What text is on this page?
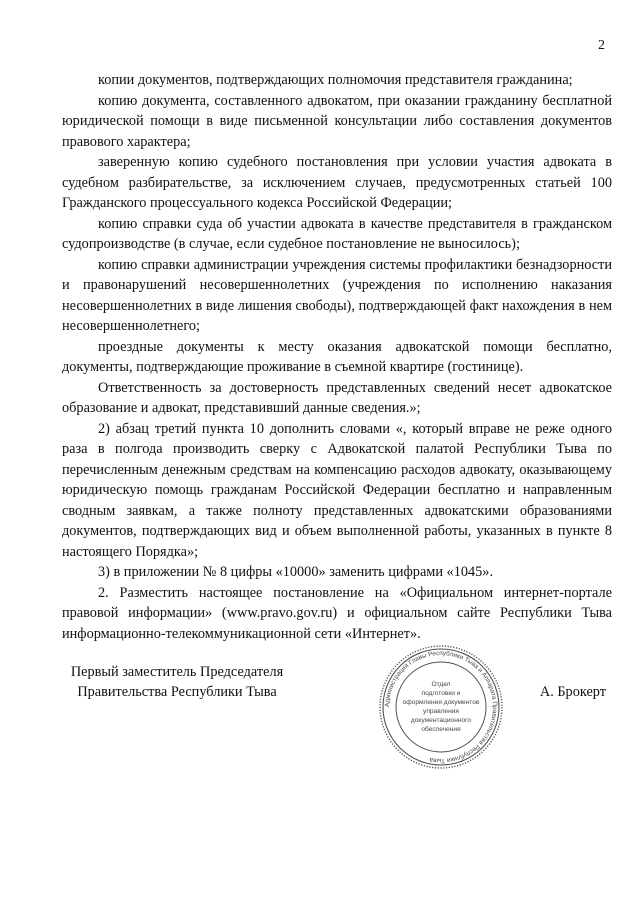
2

копии документов, подтверждающих полномочия представителя гражданина;

копию документа, составленного адвокатом, при оказании гражданину бесплатной юридической помощи в виде письменной консультации либо составления документов правового характера;

заверенную копию судебного постановления при условии участия адвоката в судебном разбирательстве, за исключением случаев, предусмотренных статьей 100 Гражданского процессуального кодекса Российской Федерации;

копию справки суда об участии адвоката в качестве представителя в гражданском судопроизводстве (в случае, если судебное постановление не выносилось);

копию справки администрации учреждения системы профилактики безнадзорности и правонарушений несовершеннолетних (учреждения по исполнению наказания несовершеннолетних в виде лишения свободы), подтверждающей факт нахождения в нем несовершеннолетнего;

проездные документы к месту оказания адвокатской помощи бесплатно, документы, подтверждающие проживание в съемной квартире (гостинице).

Ответственность за достоверность представленных сведений несет адвокатское образование и адвокат, представивший данные сведения.»;

2) абзац третий пункта 10 дополнить словами «, который вправе не реже одного раза в полгода производить сверку с Адвокатской палатой Республики Тыва по перечисленным денежным средствам на компенсацию расходов адвокату, оказывающему юридическую помощь гражданам Российской Федерации бесплатно и направленным сводным заявкам, а также полноту представленных адвокатскими образованиями документов, подтверждающих вид и объем выполненной работы, указанных в пункте 8 настоящего Порядка»;

3) в приложении № 8 цифры «10000» заменить цифрами «1045».

2. Разместить настоящее постановление на «Официальном интернет-портале правовой информации» (www.pravo.gov.ru) и официальном сайте Республики Тыва информационно-телекоммуникационной сети «Интернет».

Первый заместитель Председателя
Правительства Республики Тыва
Администрация Главы Республики Тыва и Аппарата Правительства Республики Тыва
Отдел
подготовки и
оформления документов
управления
документационного
обеспечения
А. Брокерт
